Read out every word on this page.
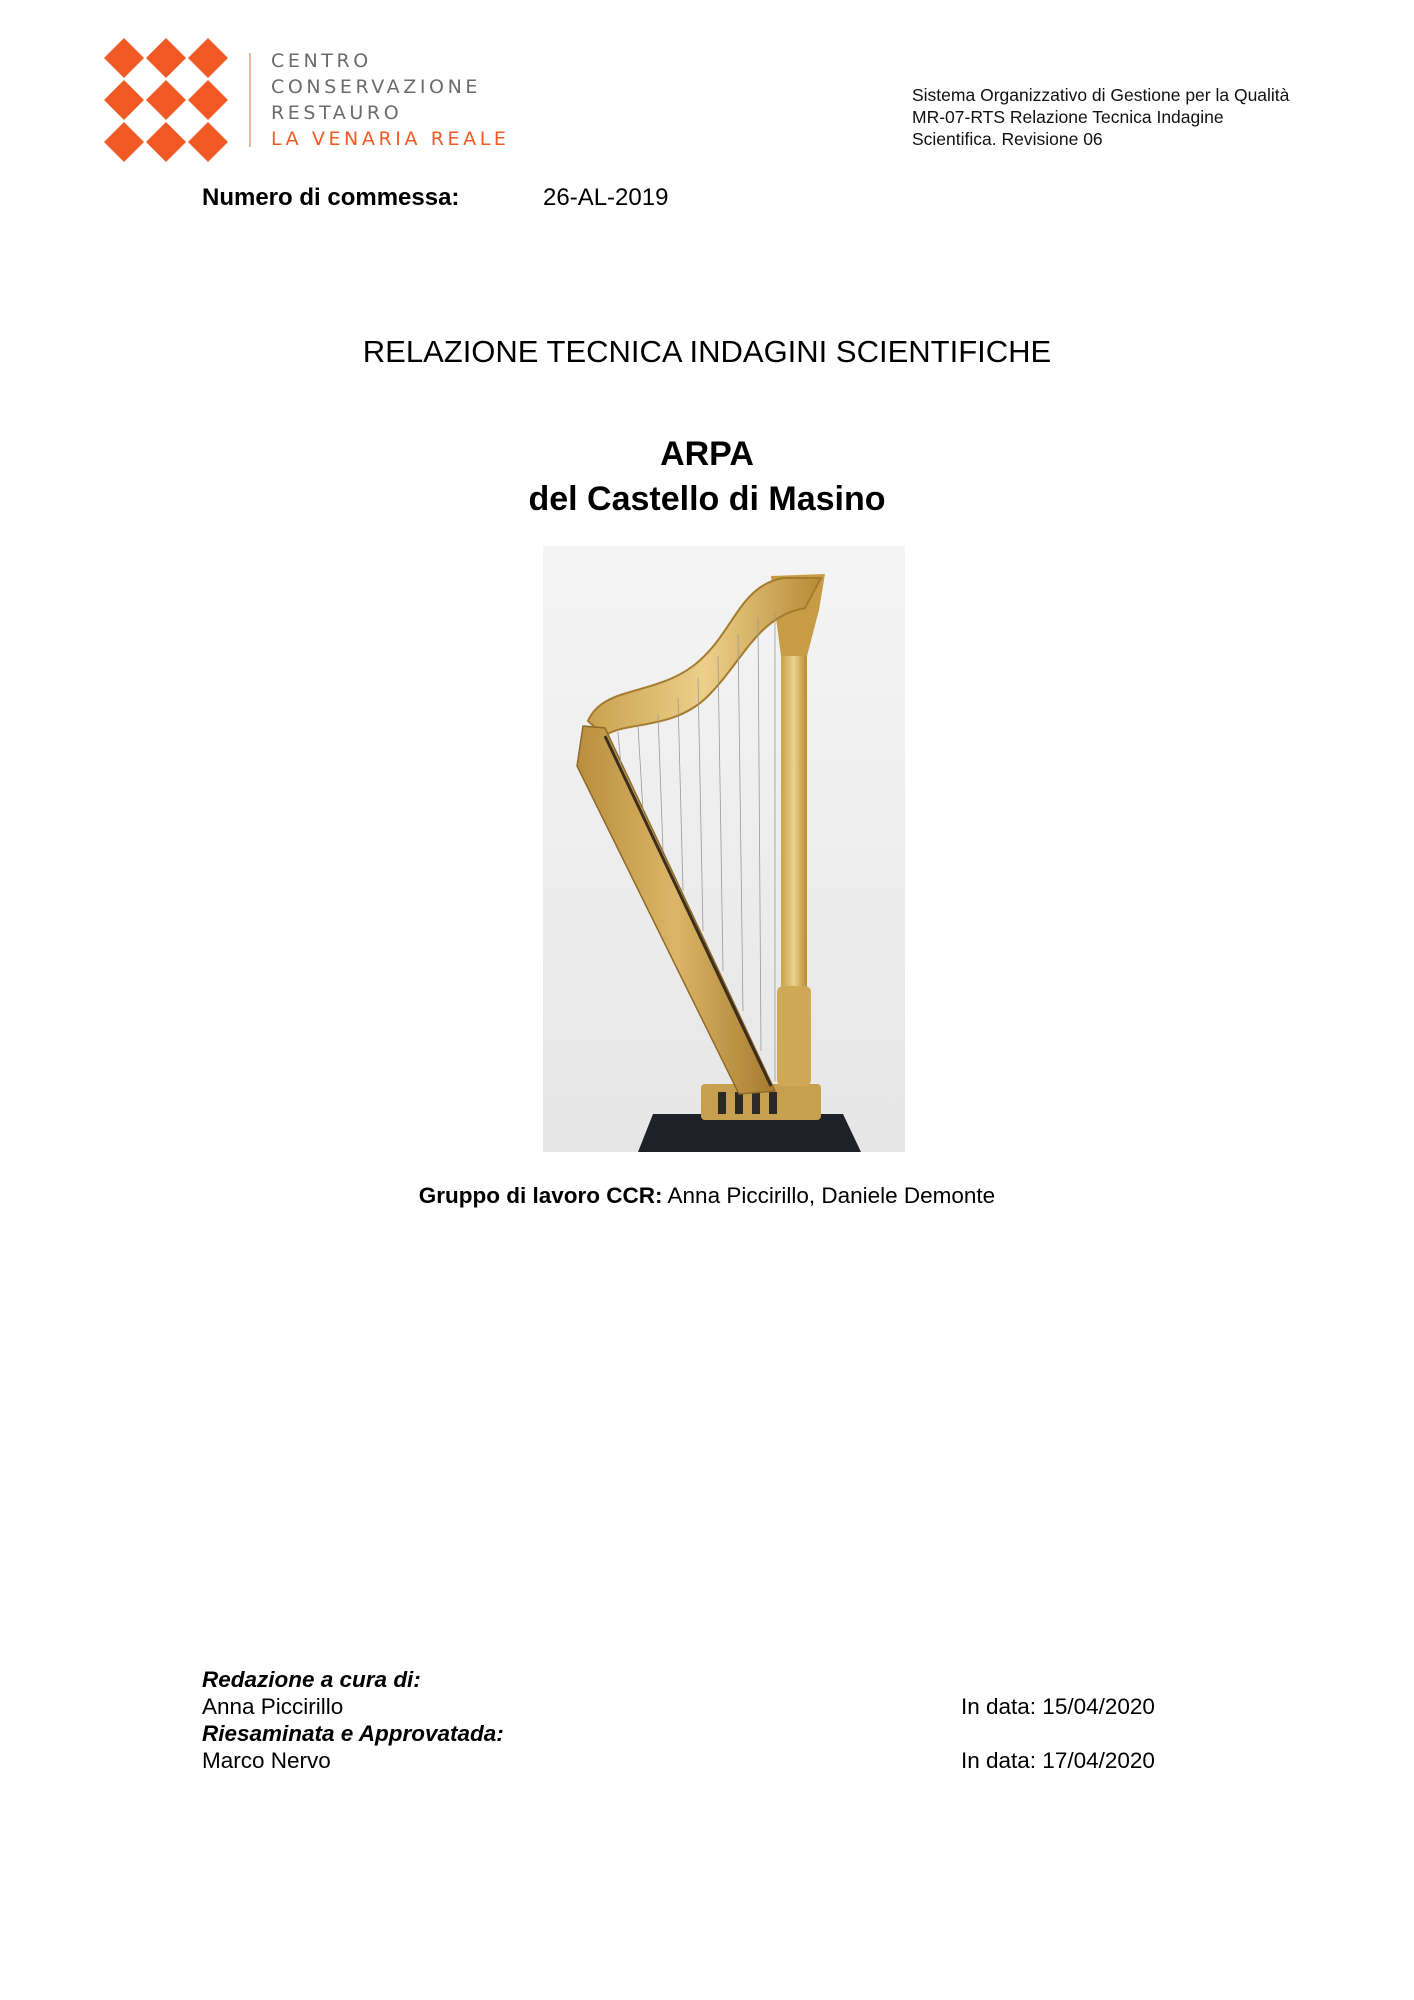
CENTRO
CONSERVAZIONE
RESTAURO
LA VENARIA REALE
Sistema Organizzativo di Gestione per la Qualità
MR-07-RTS Relazione Tecnica Indagine
Scientifica. Revisione 06
Numero di commessa:	26-AL-2019
RELAZIONE TECNICA INDAGINI SCIENTIFICHE
ARPA
del Castello di Masino
Gruppo di lavoro CCR: Anna Piccirillo, Daniele Demonte
Redazione a cura di:
Anna Piccirillo
Riesaminata e Approvatada:
Marco Nervo
In data: 15/04/2020
In data: 17/04/2020
